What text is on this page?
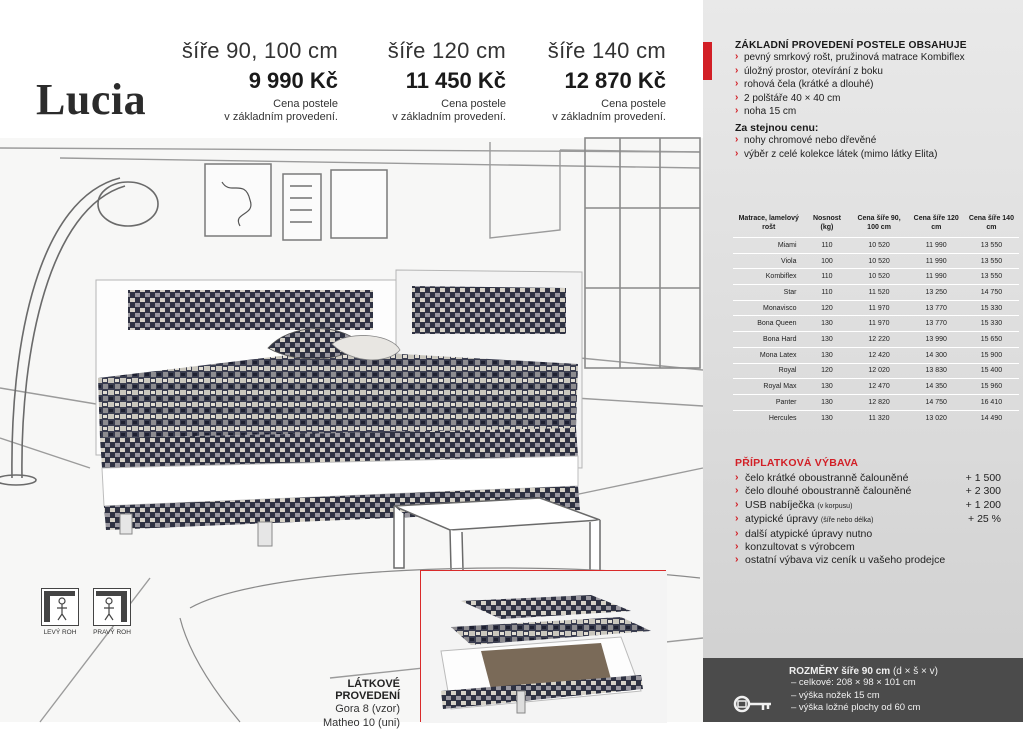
Lucia
šíře 90, 100 cm
9 990 Kč
Cena postele
v základním provedení.
šíře 120 cm
11 450 Kč
Cena postele
v základním provedení.
šíře 140 cm
12 870 Kč
Cena postele
v základním provedení.
LEVÝ ROH	PRAVÝ ROH
LÁTKOVÉ PROVEDENÍ
Gora 8 (vzor)
Matheo 10 (uni)
ZÁKLADNÍ PROVEDENÍ POSTELE OBSAHUJE
› pevný smrkový rošt, pružinová matrace Kombiflex
› úložný prostor, otevírání z boku
› rohová čela (krátké a dlouhé)
› 2 polštáře 40 × 40 cm
› noha 15 cm
Za stejnou cenu:
› nohy chromové nebo dřevěné
› výběr z celé kolekce látek (mimo látky Elita)
Matrace, lamelový rošt	Nosnost (kg)	Cena šíře 90, 100 cm	Cena šíře 120 cm	Cena šíře 140 cm
Miami	110	10 520	11 990	13 550
Viola	100	10 520	11 990	13 550
Kombiflex	110	10 520	11 990	13 550
Star	110	11 520	13 250	14 750
Monavisco	120	11 970	13 770	15 330
Bona Queen	130	11 970	13 770	15 330
Bona Hard	130	12 220	13 990	15 650
Mona Latex	130	12 420	14 300	15 900
Royal	120	12 020	13 830	15 400
Royal Max	130	12 470	14 350	15 960
Panter	130	12 820	14 750	16 410
Hercules	130	11 320	13 020	14 490
PŘÍPLATKOVÁ VÝBAVA
› čelo krátké oboustranně čalouněné	+ 1 500
› čelo dlouhé oboustranně čalouněné	+ 2 300
› USB nabíječka (v korpusu)	+ 1 200
› atypické úpravy (šíře nebo délka)	+ 25 %
› další atypické úpravy nutno
› konzultovat s výrobcem
› ostatní výbava viz ceník u vašeho prodejce
ROZMĚRY šíře 90 cm (d × š × v)
– celkové: 208 × 98 × 101 cm
– výška nožek 15 cm
– výška ložné plochy od 60 cm
